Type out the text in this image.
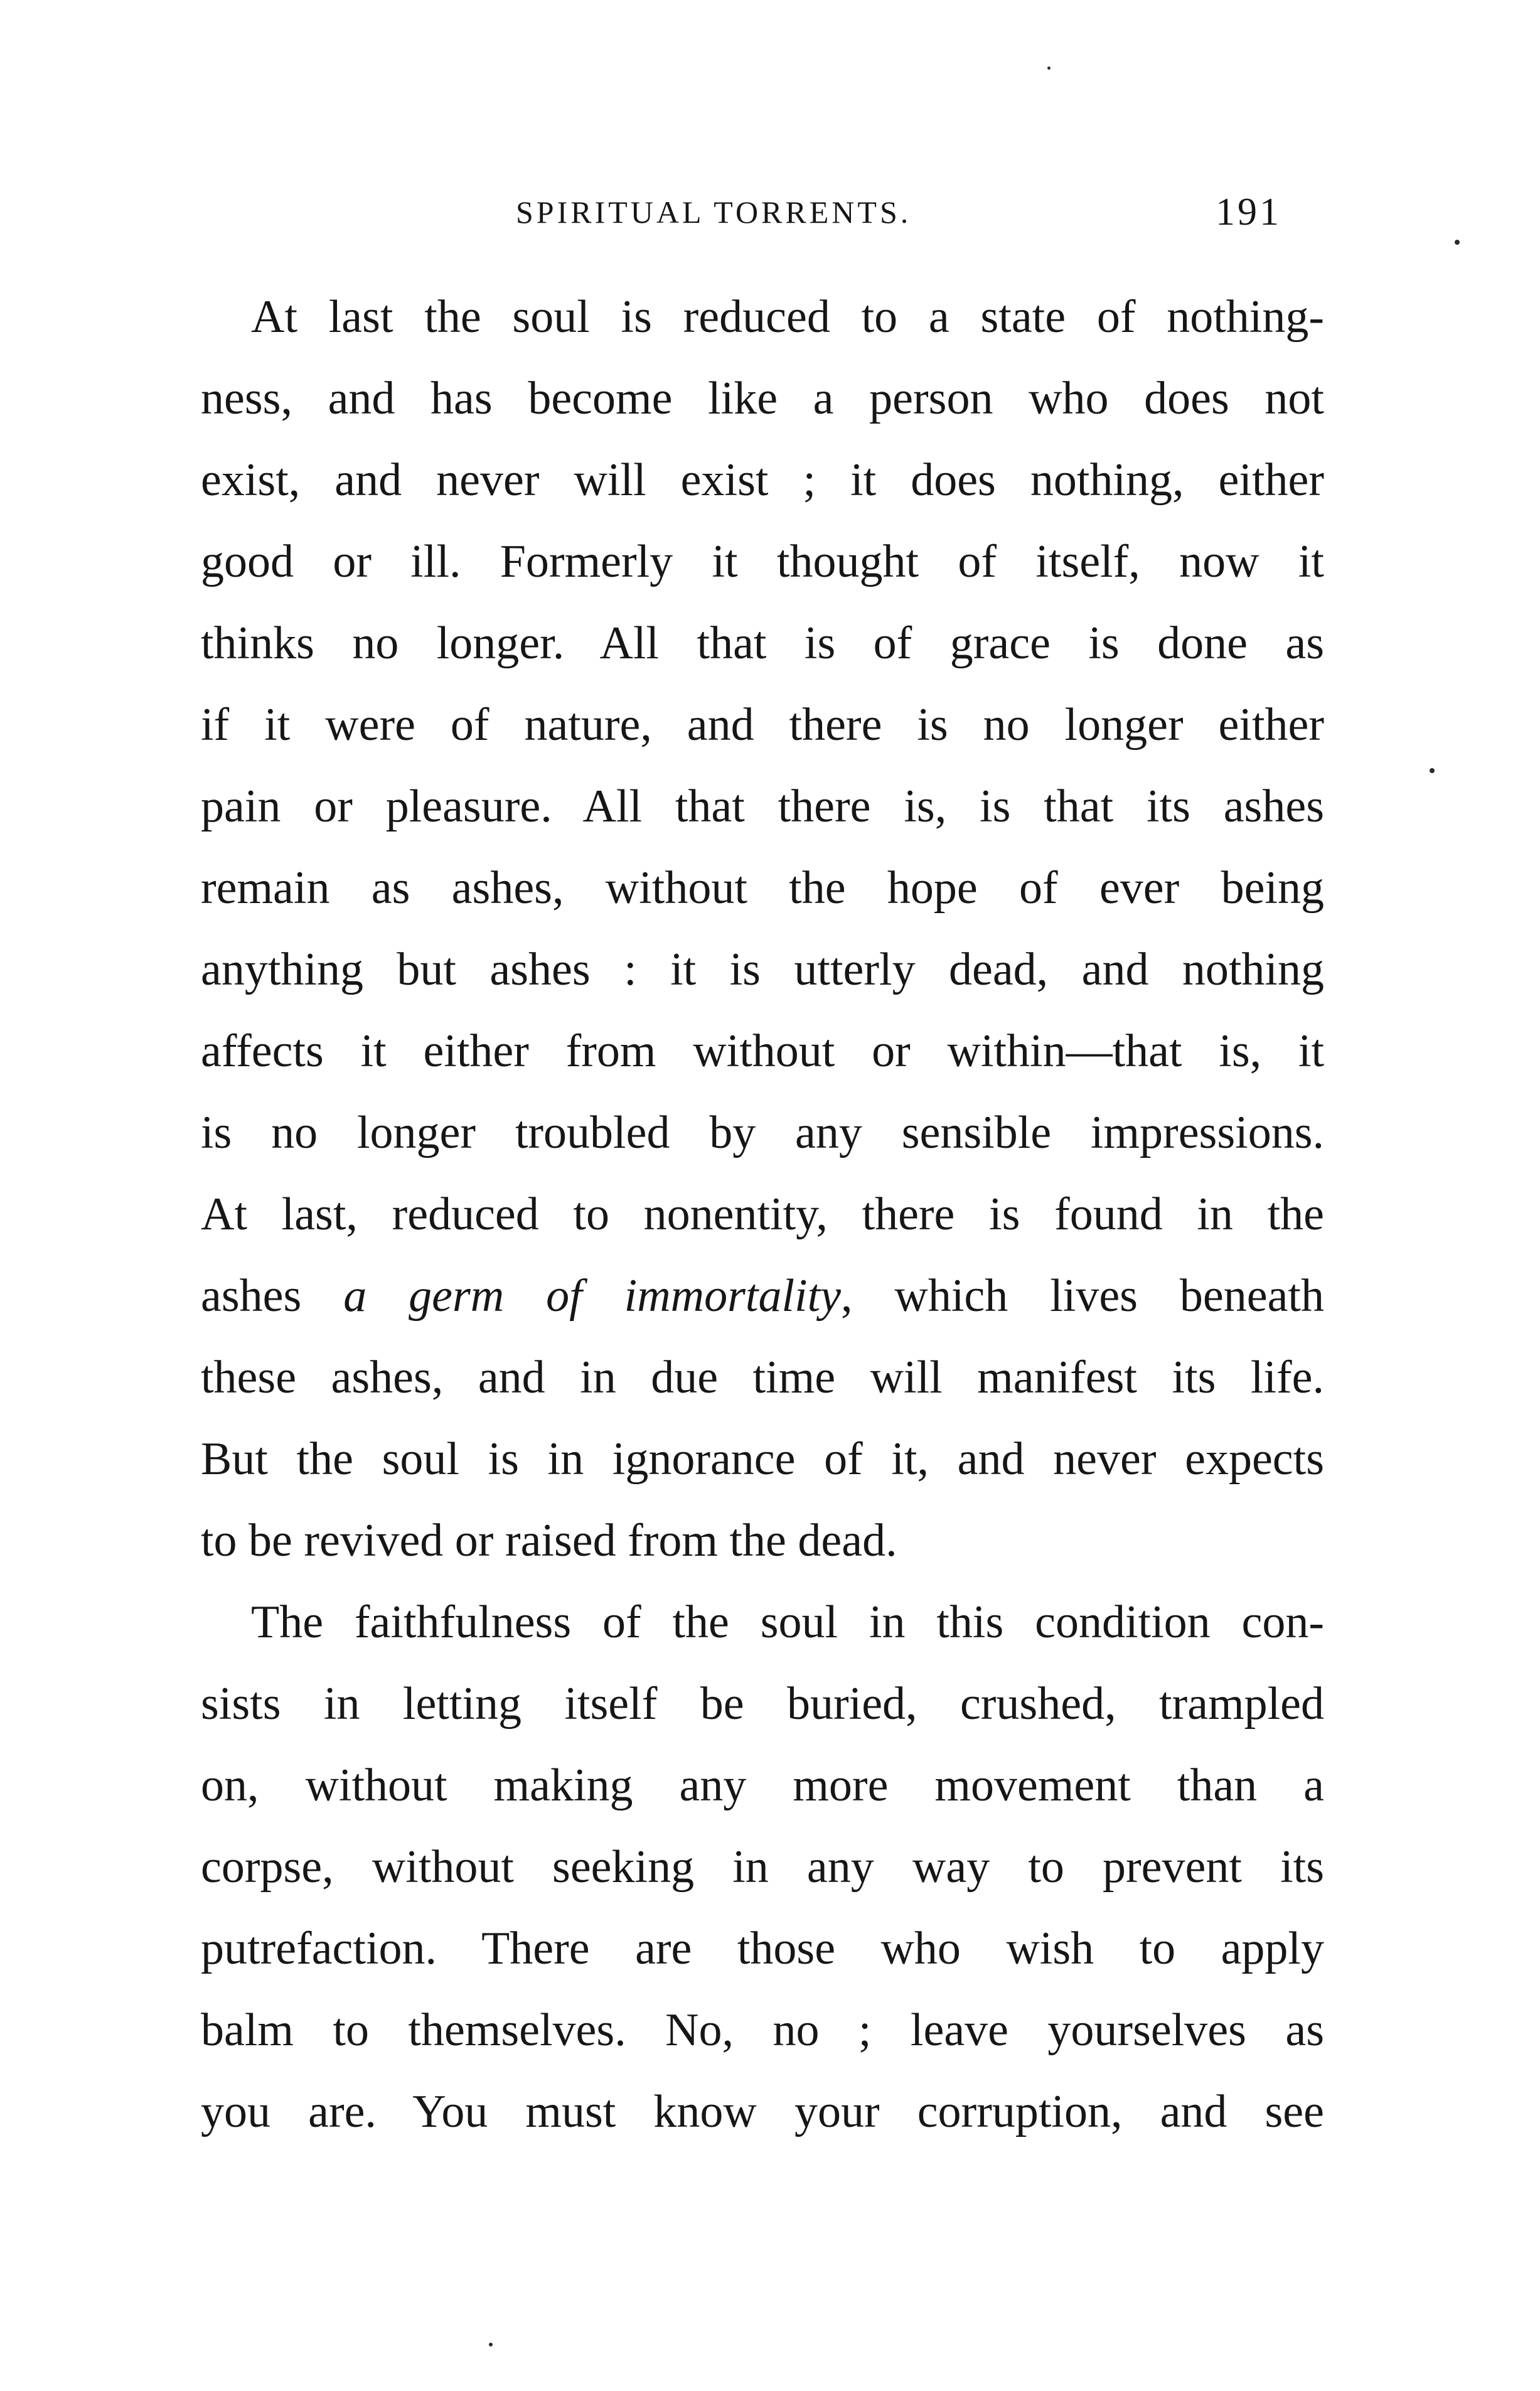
SPIRITUAL TORRENTS.	191
At last the soul is reduced to a state of nothing-
ness, and has become like a person who does not
exist, and never will exist ; it does nothing, either
good or ill. Formerly it thought of itself, now it
thinks no longer. All that is of grace is done as
if it were of nature, and there is no longer either
pain or pleasure. All that there is, is that its ashes
remain as ashes, without the hope of ever being
anything but ashes : it is utterly dead, and nothing
affects it either from without or within—that is, it
is no longer troubled by any sensible impressions.
At last, reduced to nonentity, there is found in the
ashes a germ of immortality, which lives beneath
these ashes, and in due time will manifest its life.
But the soul is in ignorance of it, and never expects
to be revived or raised from the dead.
The faithfulness of the soul in this condition con-
sists in letting itself be buried, crushed, trampled
on, without making any more movement than a
corpse, without seeking in any way to prevent its
putrefaction. There are those who wish to apply
balm to themselves. No, no ; leave yourselves as
you are. You must know your corruption, and see
